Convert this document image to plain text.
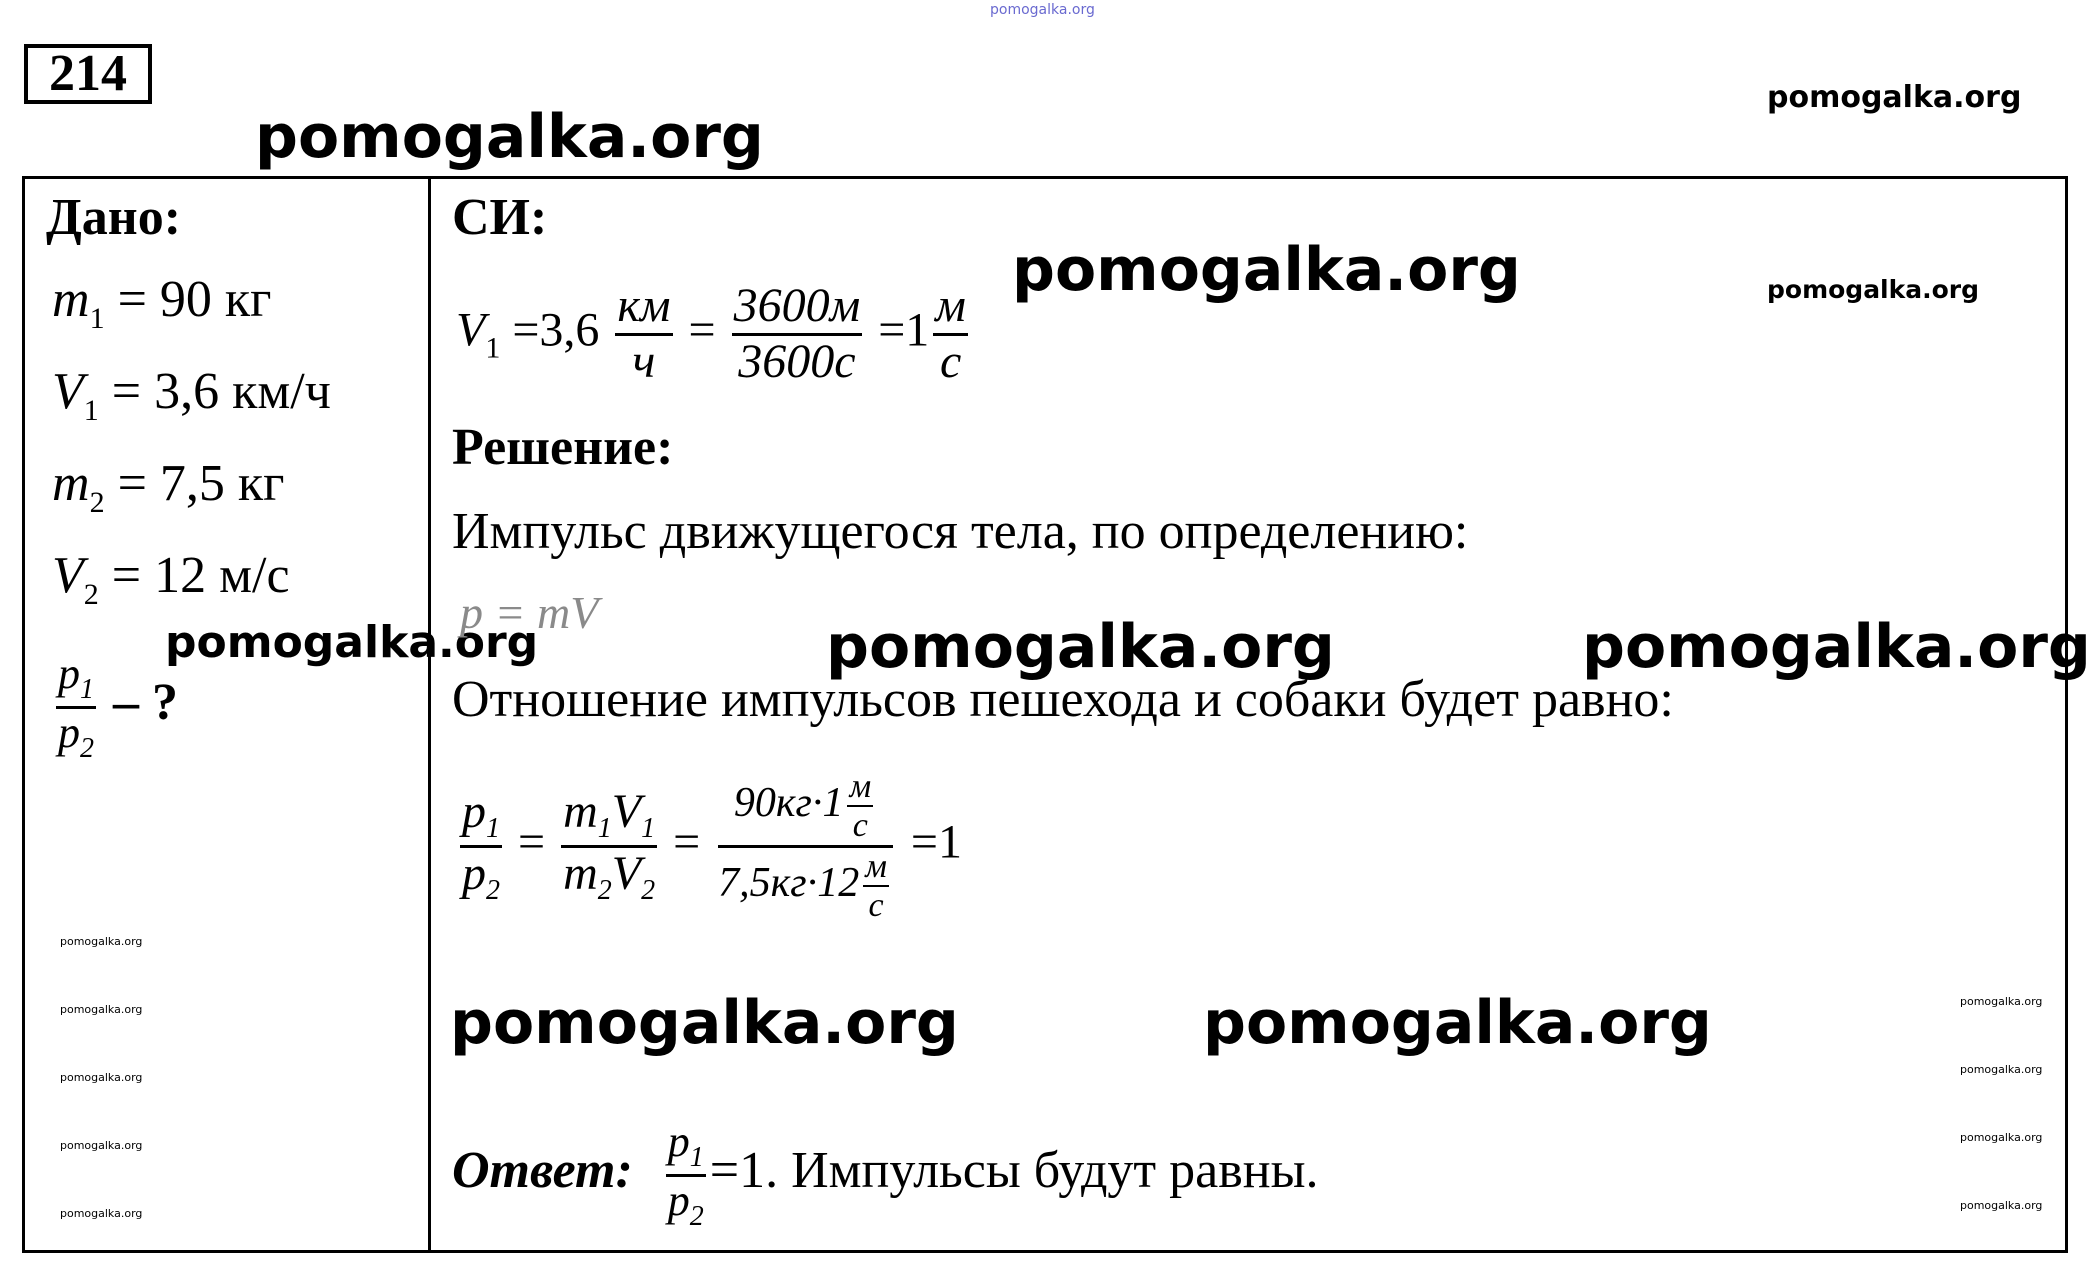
pomogalka.org
pomogalka.org
pomogalka.org
pomogalka.org	pomogalka.org
214
Дано:
$m_1 = 90$ кг
$V_1 = 3,6$ км/ч
$m_2 = 7,5$ кг
$V_2 = 12$ м/с
pomogalka.org
$\frac{p_1}{p_2}$ – ?
pomogalka.org
pomogalka.org
pomogalka.org
pomogalka.org
pomogalka.org
СИ:
$V_1 =3,6 \frac{км}{ч} = \frac{3600м}{3600с} =1 \frac{м}{с}$
Решение:
Импульс движущегося тела, по определению:
p = mV	pomogalka.org	pomogalka.org
Отношение импульсов пешехода и собаки будет равно:
$\frac{p_1}{p_2} = \frac{m_1V_1}{m_2V_2} = \frac{90кг\cdot 1 \frac{м}{с}}{7,5кг\cdot 12 \frac{м}{с}} =1$
pomogalka.org	pomogalka.org	pomogalka.org
pomogalka.org
pomogalka.org
pomogalka.org
Ответ: $\frac{p_1}{p_2} =1$. Импульсы будут равны.
